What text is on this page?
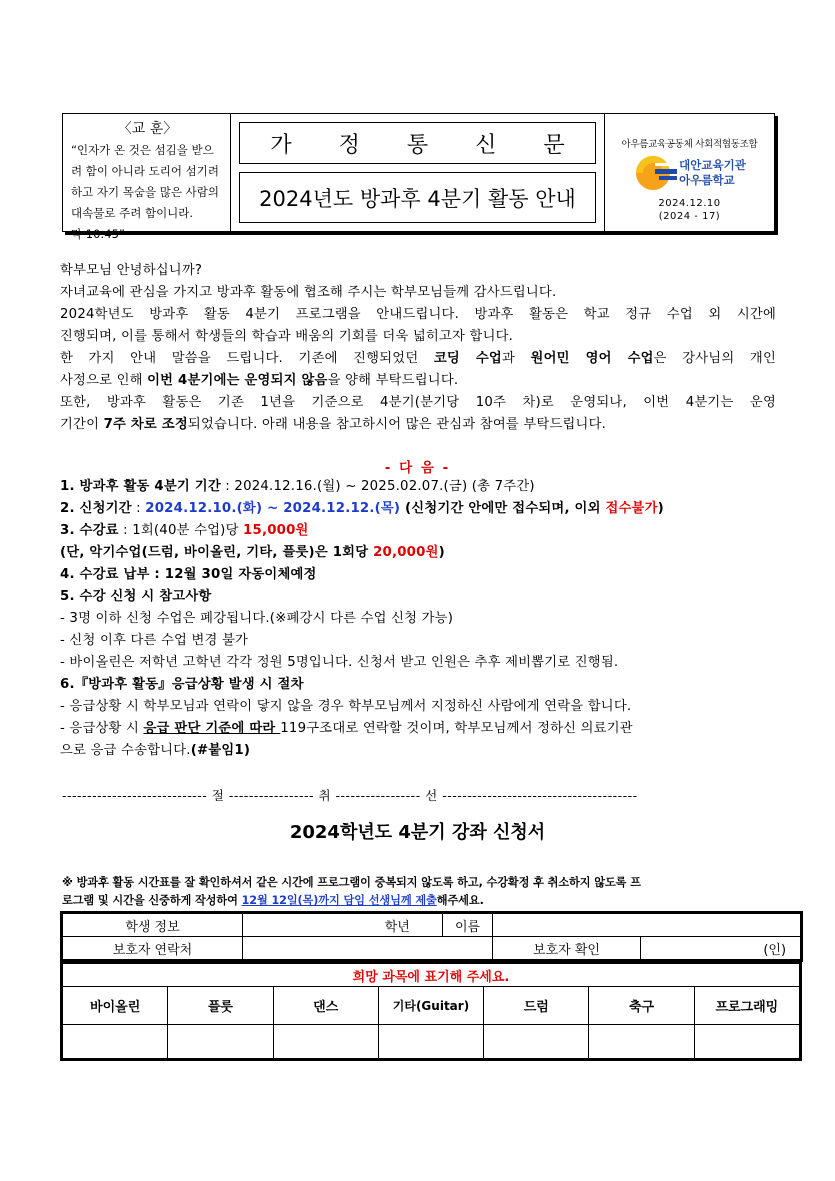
〈교 훈〉
“인자가 온 것은 섬김을 받으
려 함이 아니라 도리어 섬기려
하고 자기 목숨을 많은 사람의
대속물로 주려 함이니라.
막 10:45”
가 정 통 신 문
2024년도 방과후 4분기 활동 안내
아우름교육공동체 사회적협동조합
대안교육기관
아우름학교
2024.12.10
(2024 - 17)
학부모님 안녕하십니까?
자녀교육에 관심을 가지고 방과후 활동에 협조해 주시는 학부모님들께 감사드립니다.
2024학년도 방과후 활동 4분기 프로그램을 안내드립니다. 방과후 활동은 학교 정규 수업 외 시간에
진행되며, 이를 통해서 학생들의 학습과 배움의 기회를 더욱 넓히고자 합니다.
한 가지 안내 말씀을 드립니다. 기존에 진행되었던 코딩 수업과 원어민 영어 수업은 강사님의 개인
사정으로 인해 이번 4분기에는 운영되지 않음을 양해 부탁드립니다.
또한, 방과후 활동은 기존 1년을 기준으로 4분기(분기당 10주 차)로 운영되나, 이번 4분기는 운영
기간이 7주 차로 조정되었습니다. 아래 내용을 참고하시어 많은 관심과 참여를 부탁드립니다.
- 다 음 -
1. 방과후 활동 4분기 기간 : 2024.12.16.(월) ~ 2025.02.07.(금) (총 7주간)
2. 신청기간 : 2024.12.10.(화) ~ 2024.12.12.(목) (신청기간 안에만 접수되며, 이외 접수불가)
3. 수강료 : 1회(40분 수업)당 15,000원
(단, 악기수업(드럼, 바이올린, 기타, 플룻)은 1회당 20,000원)
4. 수강료 납부 : 12월 30일 자동이체예정
5. 수강 신청 시 참고사항
- 3명 이하 신청 수업은 폐강됩니다.(※폐강시 다른 수업 신청 가능)
- 신청 이후 다른 수업 변경 불가
- 바이올린은 저학년 고학년 각각 정원 5명입니다. 신청서 받고 인원은 추후 제비뽑기로 진행됨.
6.『방과후 활동』응급상황 발생 시 절차
- 응급상황 시 학부모님과 연락이 닿지 않을 경우 학부모님께서 지정하신 사람에게 연락을 합니다.
- 응급상황 시 응급 판단 기준에 따라 119구조대로 연락할 것이며, 학부모님께서 정하신 의료기관
으로 응급 수송합니다.(#붙임1)
----------------------------- 절 ----------------- 취 ----------------- 선 ---------------------------------------
2024학년도 4분기 강좌 신청서
※ 방과후 활동 시간표를 잘 확인하셔서 같은 시간에 프로그램이 중복되지 않도록 하고, 수강확정 후 취소하지 않도록 프
로그램 및 시간을 신중하게 작성하여 12월 12일(목)까지 담임 선생님께 제출해주세요.
학생 정보		학년	이름		
보호자 연락처				보호자 확인	(인)
희망 과목에 표기해 주세요.						
바이올린	플룻	댄스	기타(Guitar)	드럼	축구	프로그래밍
